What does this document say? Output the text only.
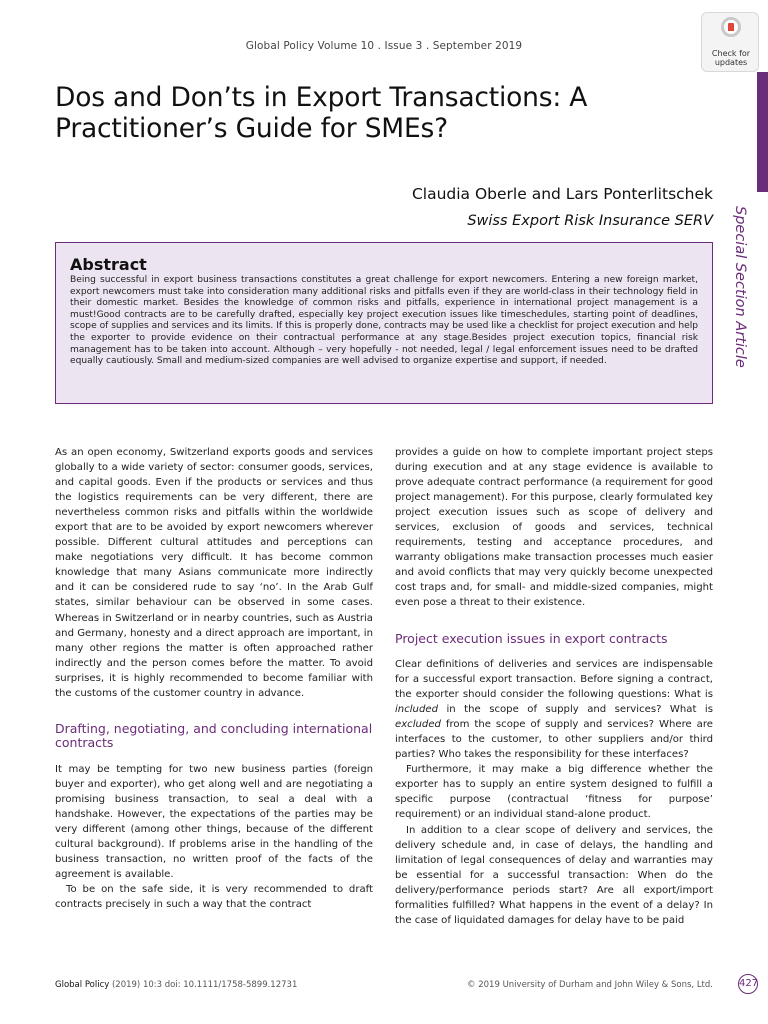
Global Policy Volume 10 . Issue 3 . September 2019
Check for
updates
Special Section Article
Dos and Don’ts in Export Transactions: A Practitioner’s Guide for SMEs?
Claudia Oberle and Lars Ponterlitschek
Swiss Export Risk Insurance SERV
Abstract

Being successful in export business transactions constitutes a great challenge for export newcomers. Entering a new foreign market, export newcomers must take into consideration many additional risks and pitfalls even if they are world-class in their technology field in their domestic market. Besides the knowledge of common risks and pitfalls, experience in international project management is a must!Good contracts are to be carefully drafted, especially key project execution issues like timeschedules, starting point of deadlines, scope of supplies and services and its limits. If this is properly done, contracts may be used like a checklist for project execution and help the exporter to provide evidence on their contractual performance at any stage.Besides project execution topics, financial risk management has to be taken into account. Although – very hopefully - not needed, legal / legal enforcement issues need to be drafted equally cautiously. Small and medium-sized companies are well advised to organize expertise and support, if needed.

As an open economy, Switzerland exports goods and services globally to a wide variety of sector: consumer goods, services, and capital goods. Even if the products or services and thus the logistics requirements can be very different, there are nevertheless common risks and pitfalls within the worldwide export that are to be avoided by export newcomers wherever possible. Different cultural attitudes and perceptions can make negotiations very difficult. It has become common knowledge that many Asians communicate more indirectly and it can be considered rude to say ‘no’. In the Arab Gulf states, similar behaviour can be observed in some cases. Whereas in Switzerland or in nearby countries, such as Austria and Germany, honesty and a direct approach are important, in many other regions the matter is often approached rather indirectly and the person comes before the matter. To avoid surprises, it is highly recommended to become familiar with the customs of the customer country in advance.

Drafting, negotiating, and concluding international contracts

It may be tempting for two new business parties (foreign buyer and exporter), who get along well and are negotiating a promising business transaction, to seal a deal with a handshake. However, the expectations of the parties may be very different (among other things, because of the different cultural background). If problems arise in the handling of the business transaction, no written proof of the facts of the agreement is available.

To be on the safe side, it is very recommended to draft contracts precisely in such a way that the contract

provides a guide on how to complete important project steps during execution and at any stage evidence is available to prove adequate contract performance (a requirement for good project management). For this purpose, clearly formulated key project execution issues such as scope of delivery and services, exclusion of goods and services, technical requirements, testing and acceptance procedures, and warranty obligations make transaction processes much easier and avoid conflicts that may very quickly become unexpected cost traps and, for small- and middle-sized companies, might even pose a threat to their existence.

Project execution issues in export contracts

Clear definitions of deliveries and services are indispensable for a successful export transaction. Before signing a contract, the exporter should consider the following questions: What is included in the scope of supply and services? What is excluded from the scope of supply and services? Where are interfaces to the customer, to other suppliers and/or third parties? Who takes the responsibility for these interfaces?

Furthermore, it may make a big difference whether the exporter has to supply an entire system designed to fulfill a specific purpose (contractual ‘fitness for purpose’ requirement) or an individual stand-alone product.

In addition to a clear scope of delivery and services, the delivery schedule and, in case of delays, the handling and limitation of legal consequences of delay and warranties may be essential for a successful transaction: When do the delivery/performance periods start? Are all export/import formalities fulfilled? What happens in the event of a delay? In the case of liquidated damages for delay have to be paid

Global Policy (2019) 10:3 doi: 10.1111/1758-5899.12731	© 2019 University of Durham and John Wiley & Sons, Ltd.	427
